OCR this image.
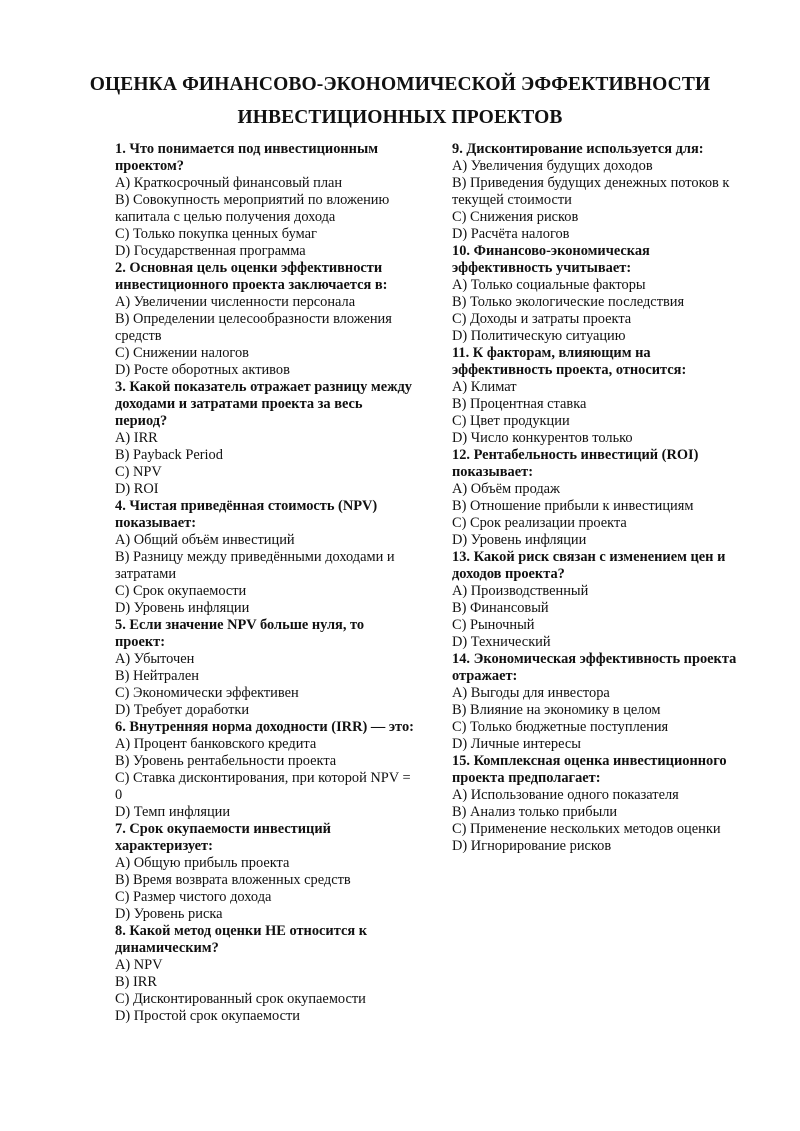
ОЦЕНКА ФИНАНСОВО-ЭКОНОМИЧЕСКОЙ ЭФФЕКТИВНОСТИ
ИНВЕСТИЦИОННЫХ ПРОЕКТОВ
1. Что понимается под инвестиционным проектом?
A) Краткосрочный финансовый план
B) Совокупность мероприятий по вложению капитала с целью получения дохода
C) Только покупка ценных бумаг
D) Государственная программа
2. Основная цель оценки эффективности инвестиционного проекта заключается в:
A) Увеличении численности персонала
B) Определении целесообразности вложения средств
C) Снижении налогов
D) Росте оборотных активов
3. Какой показатель отражает разницу между доходами и затратами проекта за весь период?
A) IRR
B) Payback Period
C) NPV
D) ROI
4. Чистая приведённая стоимость (NPV) показывает:
A) Общий объём инвестиций
B) Разницу между приведёнными доходами и затратами
C) Срок окупаемости
D) Уровень инфляции
5. Если значение NPV больше нуля, то проект:
A) Убыточен
B) Нейтрален
C) Экономически эффективен
D) Требует доработки
6. Внутренняя норма доходности (IRR) — это:
A) Процент банковского кредита
B) Уровень рентабельности проекта
C) Ставка дисконтирования, при которой NPV = 0
D) Темп инфляции
7. Срок окупаемости инвестиций характеризует:
A) Общую прибыль проекта
B) Время возврата вложенных средств
C) Размер чистого дохода
D) Уровень риска
8. Какой метод оценки НЕ относится к динамическим?
A) NPV
B) IRR
C) Дисконтированный срок окупаемости
D) Простой срок окупаемости
9. Дисконтирование используется для:
A) Увеличения будущих доходов
B) Приведения будущих денежных потоков к текущей стоимости
C) Снижения рисков
D) Расчёта налогов
10. Финансово-экономическая эффективность учитывает:
A) Только социальные факторы
B) Только экологические последствия
C) Доходы и затраты проекта
D) Политическую ситуацию
11. К факторам, влияющим на эффективность проекта, относится:
A) Климат
B) Процентная ставка
C) Цвет продукции
D) Число конкурентов только
12. Рентабельность инвестиций (ROI) показывает:
A) Объём продаж
B) Отношение прибыли к инвестициям
C) Срок реализации проекта
D) Уровень инфляции
13. Какой риск связан с изменением цен и доходов проекта?
A) Производственный
B) Финансовый
C) Рыночный
D) Технический
14. Экономическая эффективность проекта отражает:
A) Выгоды для инвестора
B) Влияние на экономику в целом
C) Только бюджетные поступления
D) Личные интересы
15. Комплексная оценка инвестиционного проекта предполагает:
A) Использование одного показателя
B) Анализ только прибыли
C) Применение нескольких методов оценки
D) Игнорирование рисков
